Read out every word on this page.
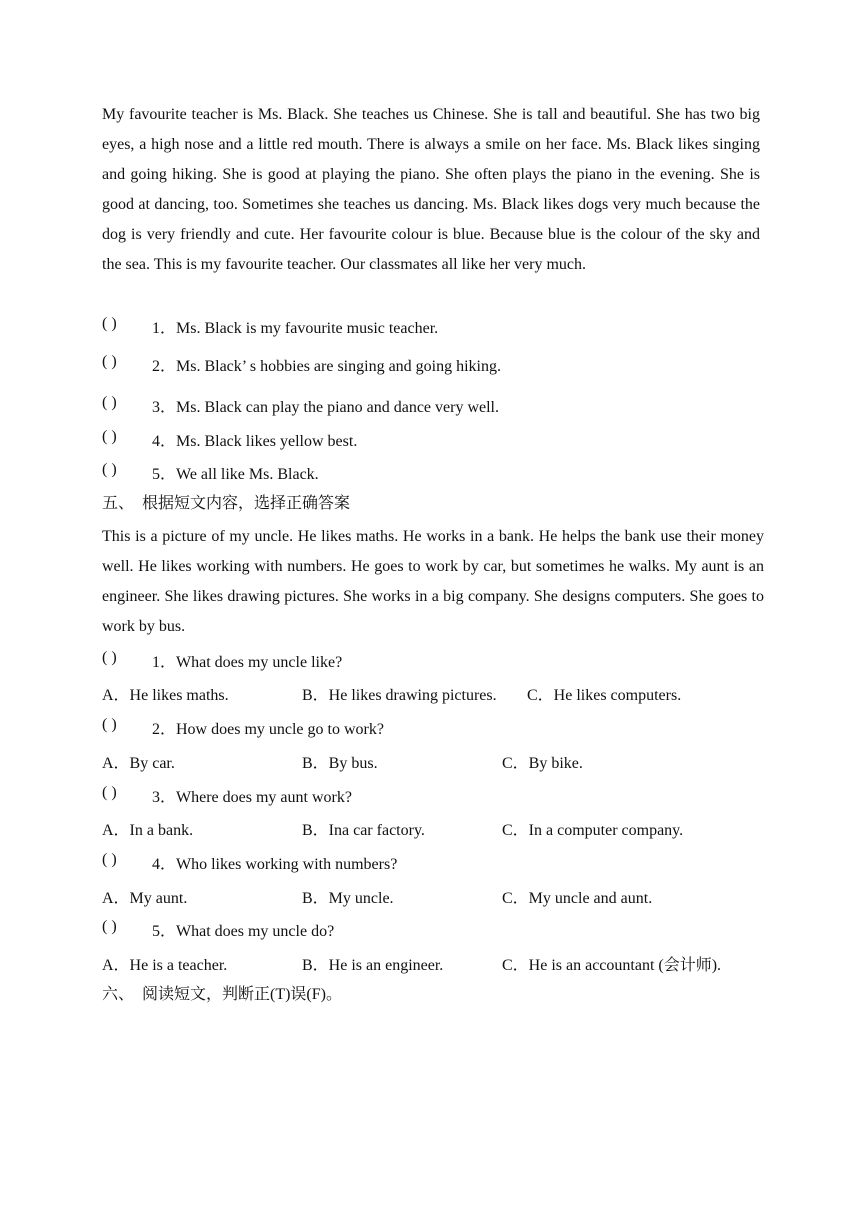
My favourite teacher is Ms. Black. She teaches us Chinese. She is tall and beautiful. She has two big eyes, a high nose and a little red mouth. There is always a smile on her face. Ms. Black likes singing and going hiking. She is good at playing the piano. She often plays the piano in the evening. She is good at dancing, too. Sometimes she teaches us dancing. Ms. Black likes dogs very much because the dog is very friendly and cute. Her favourite colour is blue. Because blue is the colour of the sky and the sea. This is my favourite teacher. Our classmates all like her very much.

( ) 1．Ms. Black is my favourite music teacher.
( ) 2．Ms. Black’ s hobbies are singing and going hiking.
( ) 3．Ms. Black can play the piano and dance very well.
( ) 4．Ms. Black likes yellow best.
( ) 5．We all like Ms. Black.
五、  根据短文内容，选择正确答案

This is a picture of my uncle. He likes maths. He works in a bank. He helps the bank use their money well. He likes working with numbers. He goes to work by car, but sometimes he walks. My aunt is an engineer. She likes drawing pictures. She works in a big company. She designs computers. She goes to work by bus.

( ) 1．What does my uncle like?
A．He likes maths.	B．He likes drawing pictures. C．He likes computers.
( ) 2．How does my uncle go to work?
A．By car.	B．By bus.	C．By bike.
( ) 3．Where does my aunt work?
A．In a bank.	B．Ina car factory.	C．In a computer company.
( ) 4．Who likes working with numbers?
A．My aunt.	B．My uncle.	C．My uncle and aunt.
( ) 5．What does my uncle do?
A．He is a teacher.	B．He is an engineer.	C．He is an accountant (会计师).
六、  阅读短文，判断正(T)误(F)。
